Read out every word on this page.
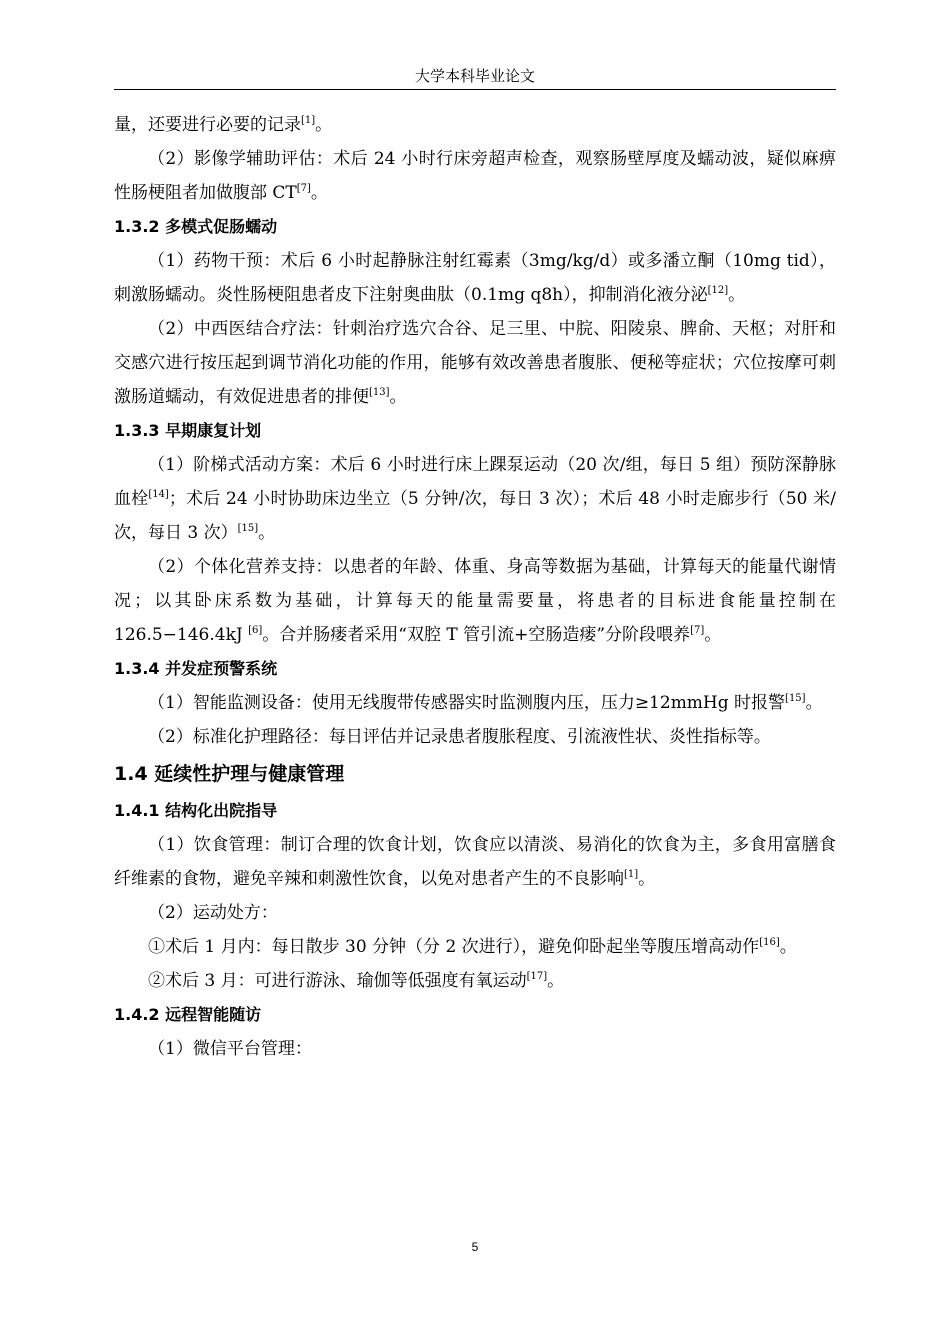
大学本科毕业论文

量，还要进行必要的记录[1]。

（2）影像学辅助评估：术后 24 小时行床旁超声检查，观察肠壁厚度及蠕动波，疑似麻痹性肠梗阻者加做腹部 CT[7]。

1.3.2 多模式促肠蠕动

（1）药物干预：术后 6 小时起静脉注射红霉素（3mg/kg/d）或多潘立酮（10mg tid），刺激肠蠕动。炎性肠梗阻患者皮下注射奥曲肽（0.1mg q8h），抑制消化液分泌[12]。

（2）中西医结合疗法：针刺治疗选穴合谷、足三里、中脘、阳陵泉、脾俞、天枢；对肝和交感穴进行按压起到调节消化功能的作用，能够有效改善患者腹胀、便秘等症状；穴位按摩可刺激肠道蠕动，有效促进患者的排便[13]。

1.3.3 早期康复计划

（1）阶梯式活动方案：术后 6 小时进行床上踝泵运动（20 次/组，每日 5 组）预防深静脉血栓[14]；术后 24 小时协助床边坐立（5 分钟/次，每日 3 次）；术后 48 小时走廊步行（50 米/次，每日 3 次）[15]。

（2）个体化营养支持：以患者的年龄、体重、身高等数据为基础，计算每天的能量代谢情况；以其卧床系数为基础，计算每天的能量需要量，将患者的目标进食能量控制在 126.5−146.4kJ [6]。合并肠瘘者采用“双腔 T 管引流+空肠造瘘”分阶段喂养[7]。

1.3.4 并发症预警系统

（1）智能监测设备：使用无线腹带传感器实时监测腹内压，压力≥12mmHg 时报警[15]。

（2）标准化护理路径：每日评估并记录患者腹胀程度、引流液性状、炎性指标等。

1.4 延续性护理与健康管理
1.4.1 结构化出院指导

（1）饮食管理：制订合理的饮食计划，饮食应以清淡、易消化的饮食为主，多食用富膳食纤维素的食物，避免辛辣和刺激性饮食，以免对患者产生的不良影响[1]。

（2）运动处方：

①术后 1 月内：每日散步 30 分钟（分 2 次进行），避免仰卧起坐等腹压增高动作[16]。

②术后 3 月：可进行游泳、瑜伽等低强度有氧运动[17]。

1.4.2 远程智能随访

（1）微信平台管理：

5
